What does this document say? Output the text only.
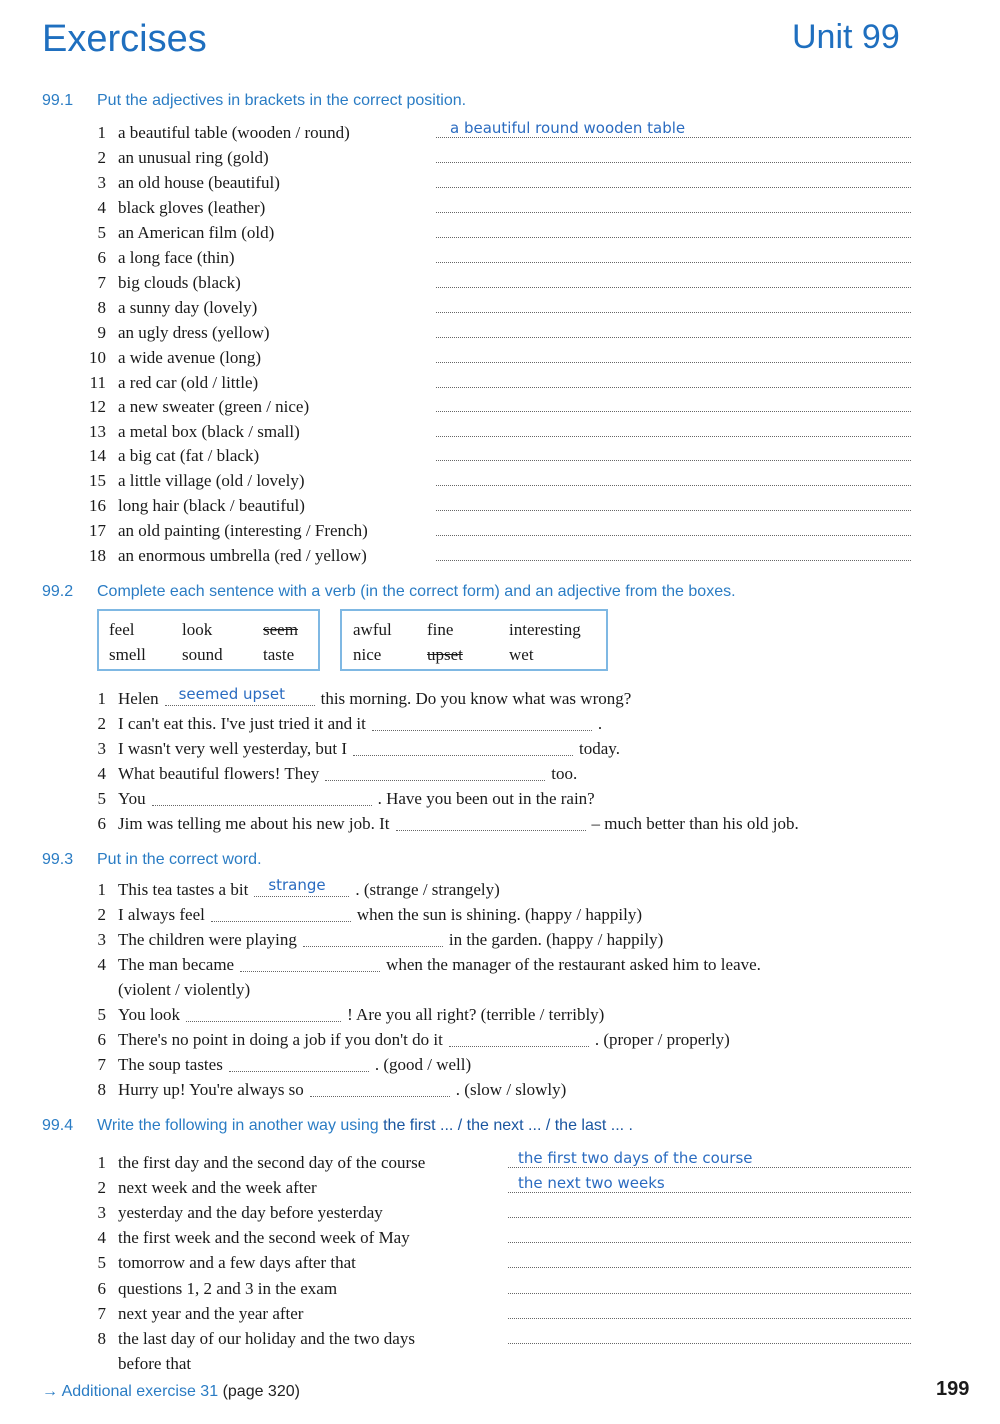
Exercises	Unit 99
99.1 Put the adjectives in brackets in the correct position.
1 a beautiful table (wooden / round)	a beautiful round wooden table
2 an unusual ring (gold)
3 an old house (beautiful)
4 black gloves (leather)
5 an American film (old)
6 a long face (thin)
7 big clouds (black)
8 a sunny day (lovely)
9 an ugly dress (yellow)
10 a wide avenue (long)
11 a red car (old / little)
12 a new sweater (green / nice)
13 a metal box (black / small)
14 a big cat (fat / black)
15 a little village (old / lovely)
16 long hair (black / beautiful)
17 an old painting (interesting / French)
18 an enormous umbrella (red / yellow)
99.2 Complete each sentence with a verb (in the correct form) and an adjective from the boxes.
feel	look	seem
smell sound taste
awful fine	interesting
nice	upset	wet
1 Helen seemed upset this morning. Do you know what was wrong?
2 I can't eat this. I've just tried it and it	.
3 I wasn't very well yesterday, but I	today.
4 What beautiful flowers! They	too.
5 You	. Have you been out in the rain?
6 Jim was telling me about his new job. It	– much better than his old job.
99.3 Put in the correct word.
1 This tea tastes a bit strange . (strange / strangely)
2 I always feel	when the sun is shining. (happy / happily)
3 The children were playing	in the garden. (happy / happily)
4 The man became	when the manager of the restaurant asked him to leave.
5 You look	! Are you all right? (terrible / terribly)
6 There's no point in doing a job if you don't do it	. (proper / properly)
7 The soup tastes	. (good / well)
8 Hurry up! You're always so	. (slow / slowly)
(violent / violently)
99.4 Write the following in another way using the first ... / the next ... / the last ... .
1 the first day and the second day of the course	the first two days of the course
2 next week and the week after	the next two weeks
3 yesterday and the day before yesterday
4 the first week and the second week of May
5 tomorrow and a few days after that
6 questions 1, 2 and 3 in the exam
7 next year and the year after
8 the last day of our holiday and the two days
before that
→ Additional exercise 31 (page 320)	199
